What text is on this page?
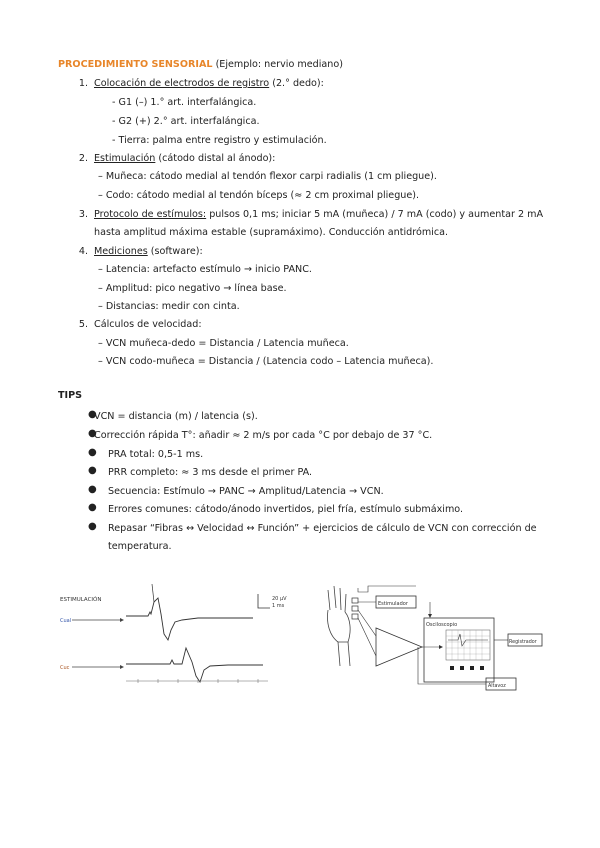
PROCEDIMIENTO SENSORIAL (Ejemplo: nervio mediano)
1. Colocación de electrodos de registro (2.° dedo):
- G1 (–) 1.° art. interfalángica.
- G2 (+) 2.° art. interfalángica.
- Tierra: palma entre registro y estimulación.
2. Estimulación (cátodo distal al ánodo):
– Muñeca: cátodo medial al tendón flexor carpi radialis (1 cm pliegue).
– Codo: cátodo medial al tendón bíceps (≈ 2 cm proximal pliegue).
3. Protocolo de estímulos: pulsos 0,1 ms; iniciar 5 mA (muñeca) / 7 mA (codo) y aumentar 2 mA
hasta amplitud máxima estable (supramáximo). Conducción antidrómica.
4. Mediciones (software):
– Latencia: artefacto estímulo → inicio PANC.
– Amplitud: pico negativo → línea base.
– Distancias: medir con cinta.
5. Cálculos de velocidad:
– VCN muñeca-dedo = Distancia / Latencia muñeca.
– VCN codo-muñeca = Distancia / (Latencia codo – Latencia muñeca).
TIPS
●
VCN = distancia (m) / latencia (s).
●
Corrección rápida T°: añadir ≈ 2 m/s por cada °C por debajo de 37 °C.
● PRA total: 0,5-1 ms.
● PRR completo: ≈ 3 ms desde el primer PA.
● Secuencia: Estímulo → PANC → Amplitud/Latencia → VCN.
● Errores comunes: cátodo/ánodo invertidos, piel fría, estímulo submáximo.
● Repasar “Fibras ↔ Velocidad ↔ Función” + ejercicios de cálculo de VCN con corrección de
temperatura.
ESTIMULACIÓN
Cual
Cuc
20 μV
1 ms	Estimulador
Osciloscopio
Registrador
Altavoz
